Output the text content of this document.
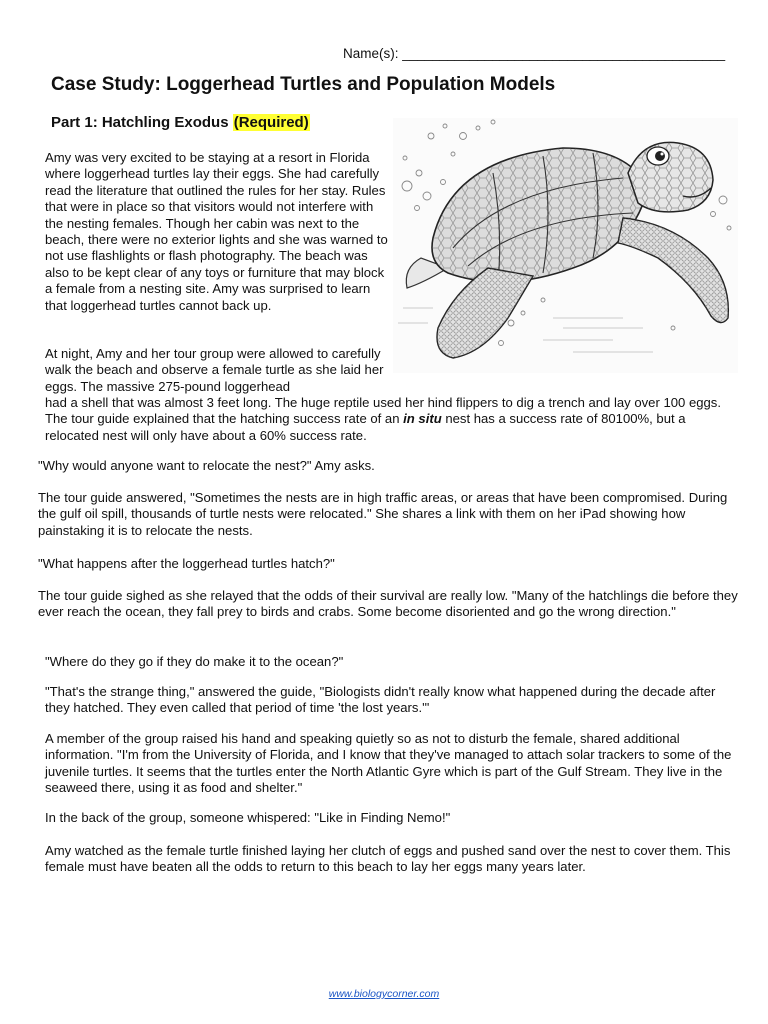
Name(s): ___________________________________________
Case Study: Loggerhead Turtles and Population Models
Part 1: Hatchling Exodus (Required)

Amy was very excited to be staying at a resort in Florida where loggerhead turtles lay their eggs. She had carefully read the literature that outlined the rules for her stay. Rules that were in place so that visitors would not interfere with the nesting females. Though her cabin was next to the beach, there were no exterior lights and she was warned to not use flashlights or flash photography. The beach was also to be kept clear of any toys or furniture that may block a female from a nesting site. Amy was surprised to learn that loggerhead turtles cannot back up.

At night, Amy and her tour group were allowed to carefully walk the beach and observe a female turtle as she laid her eggs. The massive 275-pound loggerhead

had a shell that was almost 3 feet long. The huge reptile used her hind flippers to dig a trench and lay over 100 eggs. The tour guide explained that the hatching success rate of an in situ nest has a success rate of 80100%, but a relocated nest will only have about a 60% success rate.

"Why would anyone want to relocate the nest?" Amy asks.

The tour guide answered, "Sometimes the nests are in high traffic areas, or areas that have been compromised. During the gulf oil spill, thousands of turtle nests were relocated." She shares a link with them on her iPad showing how painstaking it is to relocate the nests.

"What happens after the loggerhead turtles hatch?"

The tour guide sighed as she relayed that the odds of their survival are really low. "Many of the hatchlings die before they ever reach the ocean, they fall prey to birds and crabs. Some become disoriented and go the wrong direction."

"Where do they go if they do make it to the ocean?"

"That's the strange thing," answered the guide, "Biologists didn't really know what happened during the decade after they hatched. They even called that period of time 'the lost years.'"

A member of the group raised his hand and speaking quietly so as not to disturb the female, shared additional information. "I'm from the University of Florida, and I know that they've managed to attach solar trackers to some of the juvenile turtles. It seems that the turtles enter the North Atlantic Gyre which is part of the Gulf Stream. They live in the seaweed there, using it as food and shelter."

In the back of the group, someone whispered: "Like in Finding Nemo!"

Amy watched as the female turtle finished laying her clutch of eggs and pushed sand over the nest to cover them. This female must have beaten all the odds to return to this beach to lay her eggs many years later.

www.biologycorner.com
